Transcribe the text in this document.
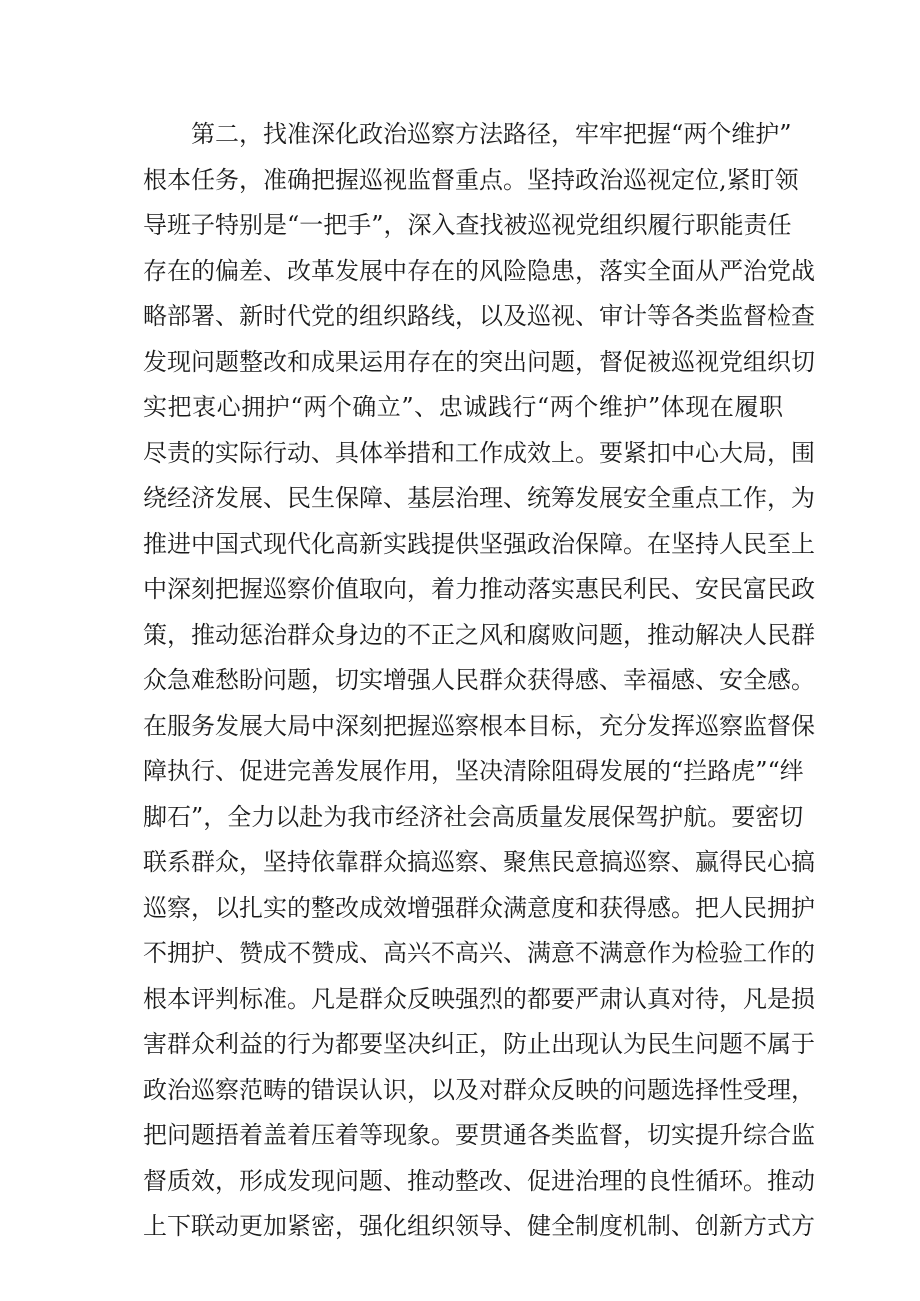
第二，找准深化政治巡察方法路径，牢牢把握“两个维护”
根本任务，准确把握巡视监督重点。坚持政治巡视定位,紧盯领
导班子特别是“一把手”，深入查找被巡视党组织履行职能责任
存在的偏差、改革发展中存在的风险隐患，落实全面从严治党战
略部署、新时代党的组织路线，以及巡视、审计等各类监督检查
发现问题整改和成果运用存在的突出问题，督促被巡视党组织切
实把衷心拥护“两个确立”、忠诚践行“两个维护”体现在履职
尽责的实际行动、具体举措和工作成效上。要紧扣中心大局，围
绕经济发展、民生保障、基层治理、统筹发展安全重点工作，为
推进中国式现代化高新实践提供坚强政治保障。在坚持人民至上
中深刻把握巡察价值取向，着力推动落实惠民利民、安民富民政
策，推动惩治群众身边的不正之风和腐败问题，推动解决人民群
众急难愁盼问题，切实增强人民群众获得感、幸福感、安全感。
在服务发展大局中深刻把握巡察根本目标，充分发挥巡察监督保
障执行、促进完善发展作用，坚决清除阻碍发展的“拦路虎”“绊
脚石”，全力以赴为我市经济社会高质量发展保驾护航。要密切
联系群众，坚持依靠群众搞巡察、聚焦民意搞巡察、赢得民心搞
巡察，以扎实的整改成效增强群众满意度和获得感。把人民拥护
不拥护、赞成不赞成、高兴不高兴、满意不满意作为检验工作的
根本评判标准。凡是群众反映强烈的都要严肃认真对待，凡是损
害群众利益的行为都要坚决纠正，防止出现认为民生问题不属于
政治巡察范畴的错误认识，以及对群众反映的问题选择性受理，
把问题捂着盖着压着等现象。要贯通各类监督，切实提升综合监
督质效，形成发现问题、推动整改、促进治理的良性循环。推动
上下联动更加紧密，强化组织领导、健全制度机制、创新方式方
